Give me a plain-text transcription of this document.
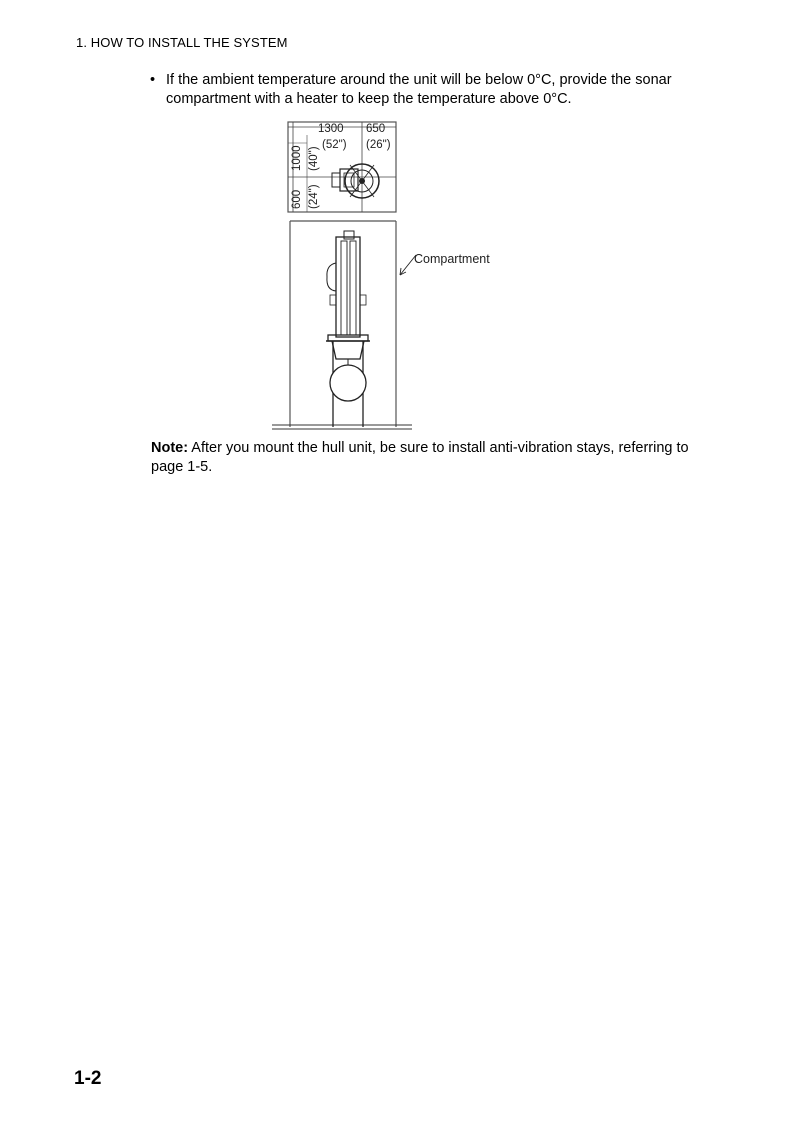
1. HOW TO INSTALL THE SYSTEM
• If the ambient temperature around the unit will be below 0°C, provide the sonar compartment with a heater to keep the temperature above 0°C.
1300
(52")
650
(26")
1000 (40")
600 (24")
Compartment
Note: After you mount the hull unit, be sure to install anti-vibration stays, referring to page 1-5.
1-2
